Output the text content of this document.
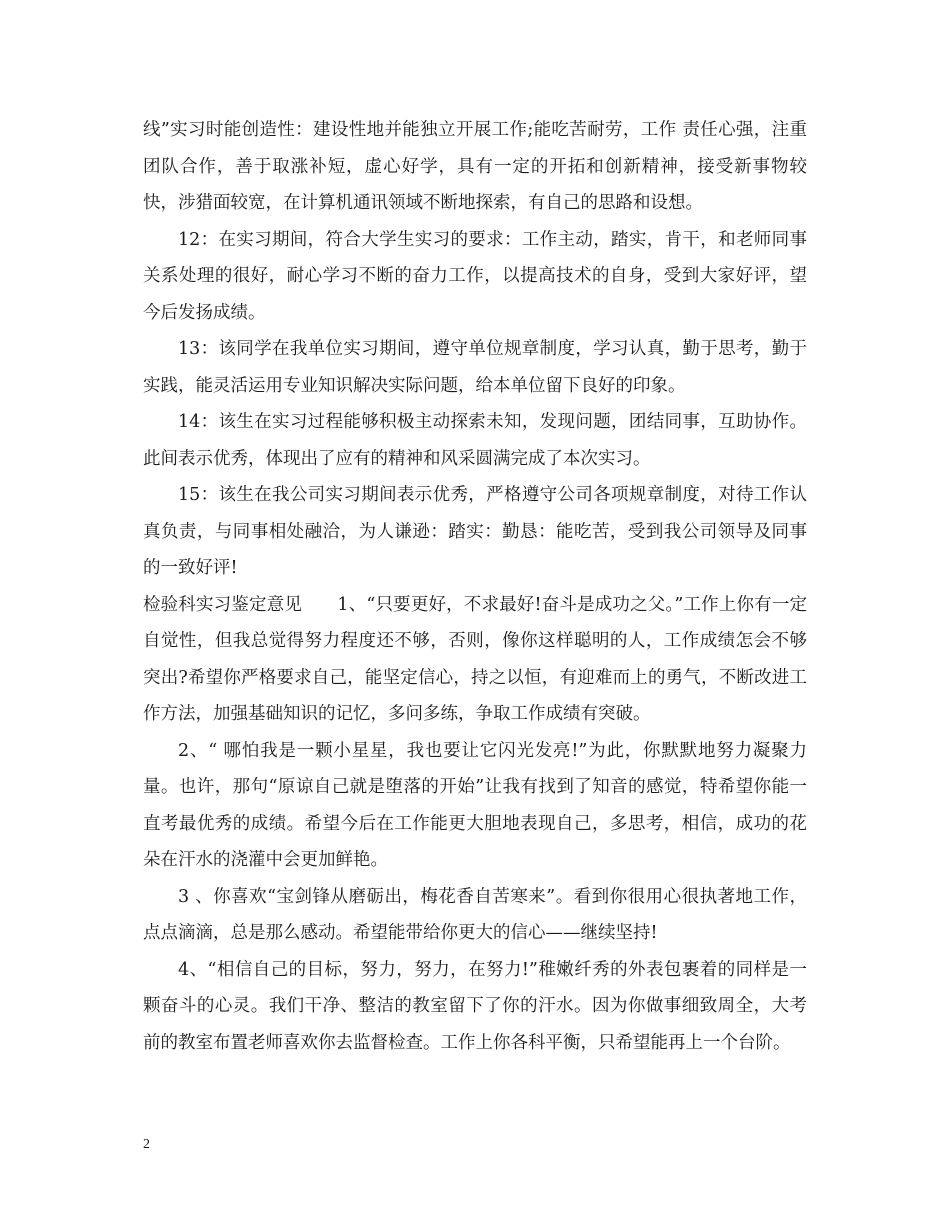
线”实习时能创造性：建设性地并能独立开展工作;能吃苦耐劳，工作 责任心强，注重团队合作，善于取涨补短，虚心好学，具有一定的开拓和创新精神，接受新事物较快，涉猎面较宽，在计算机通讯领域不断地探索，有自己的思路和设想。

12：在实习期间，符合大学生实习的要求：工作主动，踏实，肯干，和老师同事关系处理的很好，耐心学习不断的奋力工作，以提高技术的自身，受到大家好评，望今后发扬成绩。

13：该同学在我单位实习期间，遵守单位规章制度，学习认真，勤于思考，勤于实践，能灵活运用专业知识解决实际问题，给本单位留下良好的印象。

14：该生在实习过程能够积极主动探索未知，发现问题，团结同事，互助协作。此间表示优秀，体现出了应有的精神和风采圆满完成了本次实习。

15：该生在我公司实习期间表示优秀，严格遵守公司各项规章制度，对待工作认真负责，与同事相处融洽，为人谦逊：踏实：勤恳：能吃苦，受到我公司领导及同事的一致好评!

检验科实习鉴定意见　　1、“只要更好，不求最好!奋斗是成功之父。”工作上你有一定自觉性，但我总觉得努力程度还不够，否则，像你这样聪明的人，工作成绩怎会不够突出?希望你严格要求自己，能坚定信心，持之以恒，有迎难而上的勇气，不断改进工作方法，加强基础知识的记忆，多问多练，争取工作成绩有突破。

2、“ 哪怕我是一颗小星星，我也要让它闪光发亮!”为此，你默默地努力凝聚力量。也许，那句“原谅自己就是堕落的开始”让我有找到了知音的感觉，特希望你能一直考最优秀的成绩。希望今后在工作能更大胆地表现自己，多思考，相信，成功的花朵在汗水的浇灌中会更加鲜艳。

3 、你喜欢“宝剑锋从磨砺出，梅花香自苦寒来”。看到你很用心很执著地工作，点点滴滴，总是那么感动。希望能带给你更大的信心——继续坚持!

4、“相信自己的目标，努力，努力，在努力!”稚嫩纤秀的外表包裹着的同样是一颗奋斗的心灵。我们干净、整洁的教室留下了你的汗水。因为你做事细致周全，大考前的教室布置老师喜欢你去监督检查。工作上你各科平衡，只希望能再上一个台阶。

2
